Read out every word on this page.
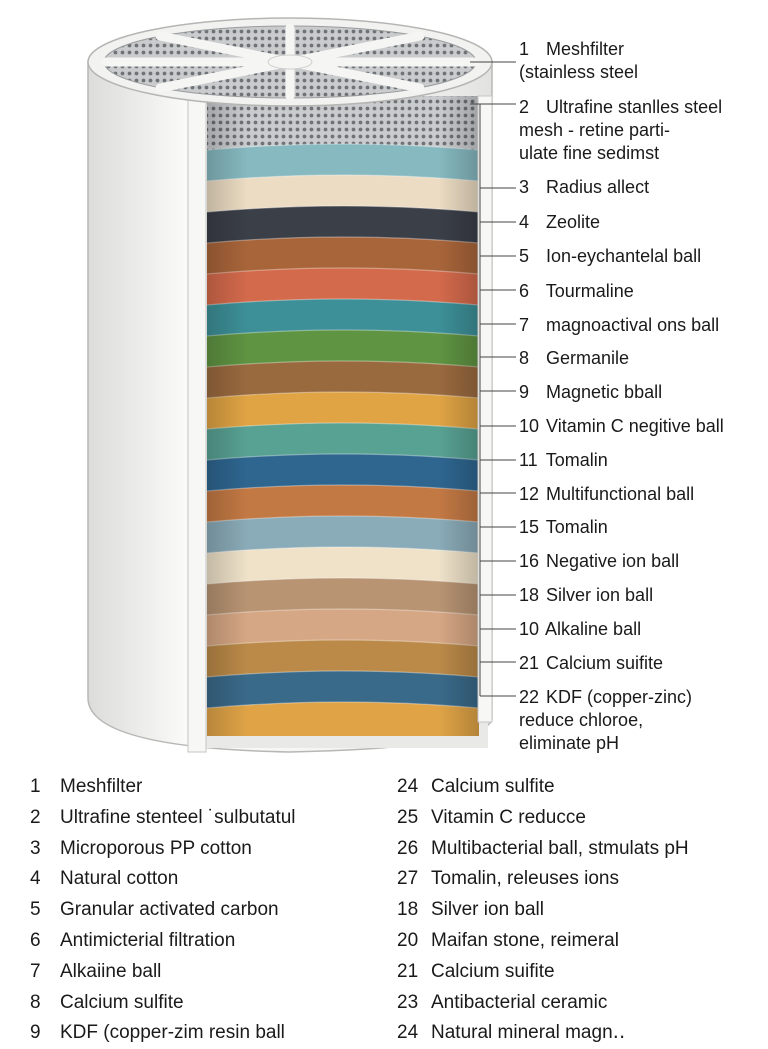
1 Meshfilter
(stainless steel
2 Ultrafine stanlles steel
mesh - retine parti-
ulate fine sedimst
3 Radius allect
4 Zeolite
5 Ion-eychantelal ball
6 Tourmaline
7 magnoactival ons ball
8 Germanile
9 Magnetic bball
10 Vitamin C negitive ball
11 Tomalin
12 Multifunctional ball
15 Tomalin
16 Negative ion ball
18 Silver ion ball
10 Alkaline ball
21 Calcium suifite
22 KDF (copper-zinc)
reduce chloroe,
eliminate pH
1 Meshfilter
2 Ultrafine stenteel ˙sulbutatul
3 Microporous PP cotton
4 Natural cotton
5 Granular activated carbon
6 Antimicterial filtration
7 Alkaiine ball
8 Calcium sulfite
9 KDF (copper-zim resin ball
24 Calcium sulfite
25 Vitamin C reducce
26 Multibacterial ball, stmulats pH
27 Tomalin, releuses ions
18 Silver ion ball
20 Maifan stone, reimeral
21 Calcium suifite
23 Antibacterial ceramic
24 Natural mineral magn‥
